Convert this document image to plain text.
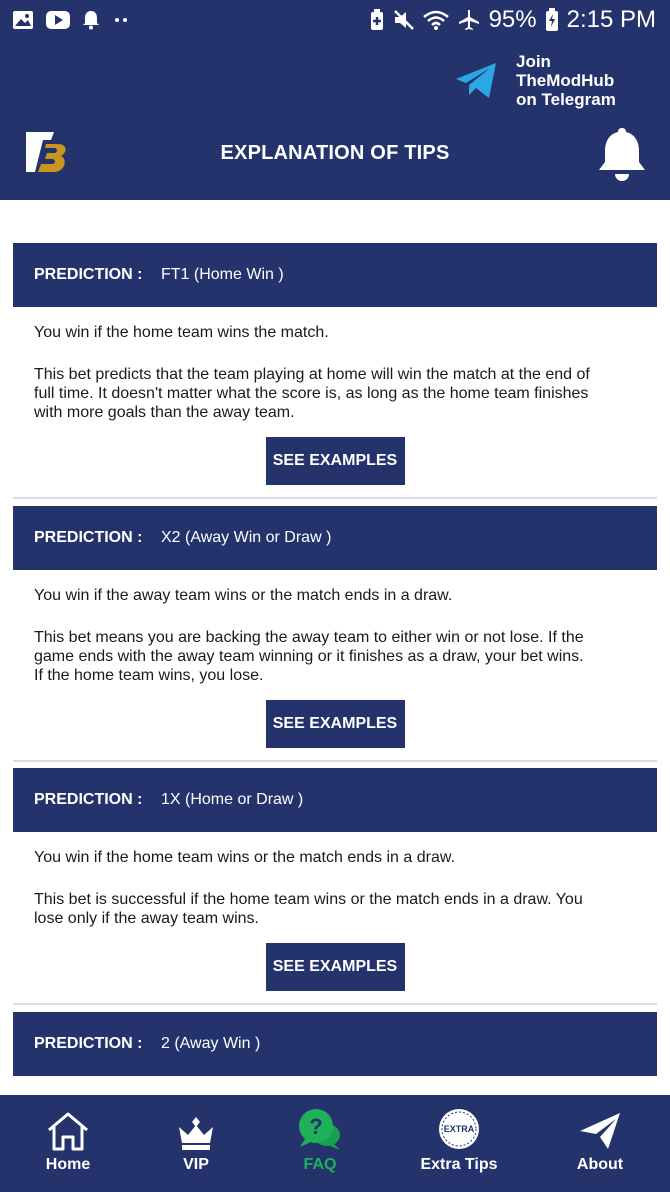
95% 2:15 PM
Join TheModHub
on Telegram
EXPLANATION OF TIPS
PREDICTION :	FT1 (Home Win )
You win if the home team wins the match.
This bet predicts that the team playing at home will win the match at the end of
full time. It doesn't matter what the score is, as long as the home team finishes
with more goals than the away team.
SEE EXAMPLES
PREDICTION :	X2 (Away Win or Draw )
You win if the away team wins or the match ends in a draw.
This bet means you are backing the away team to either win or not lose. If the
game ends with the away team winning or it finishes as a draw, your bet wins.
If the home team wins, you lose.
SEE EXAMPLES
PREDICTION :	1X (Home or Draw )
You win if the home team wins or the match ends in a draw.
This bet is successful if the home team wins or the match ends in a draw. You
lose only if the away team wins.
SEE EXAMPLES
PREDICTION :	2 (Away Win )
Home	VIP
?
FAQ
EXTRA
Extra Tips	About
